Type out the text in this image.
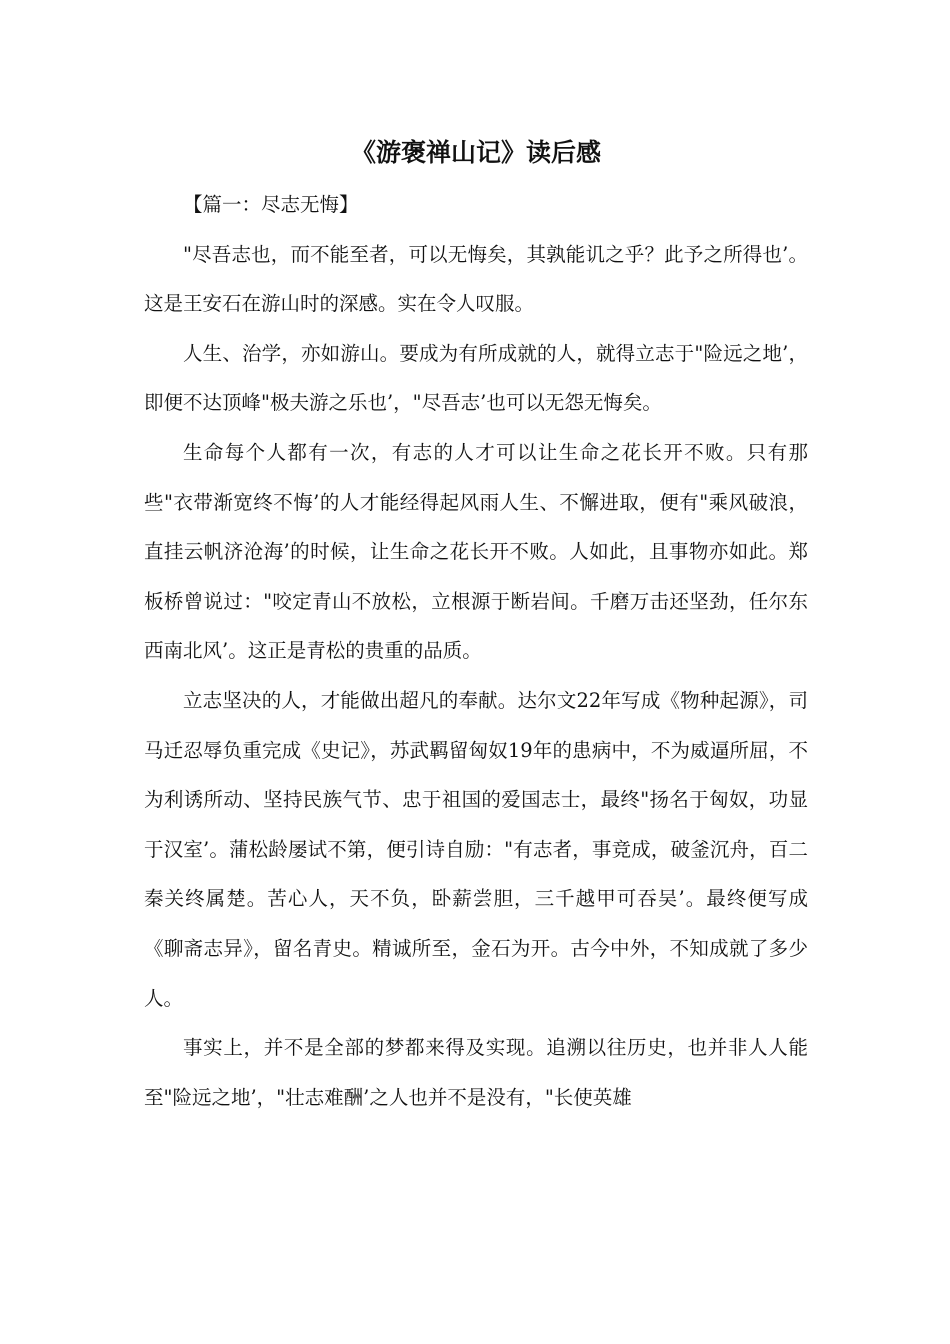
《游褒禅山记》读后感

【篇一：尽志无悔】

"尽吾志也，而不能至者，可以无悔矣，其孰能讥之乎？此予之所得也’。这是王安石在游山时的深感。实在令人叹服。

人生、治学，亦如游山。要成为有所成就的人，就得立志于"险远之地’，即便不达顶峰"极夫游之乐也’，"尽吾志’也可以无怨无悔矣。

生命每个人都有一次，有志的人才可以让生命之花长开不败。只有那些"衣带渐宽终不悔’的人才能经得起风雨人生、不懈进取，便有"乘风破浪，直挂云帆济沧海’的时候，让生命之花长开不败。人如此，且事物亦如此。郑板桥曾说过："咬定青山不放松，立根源于断岩间。千磨万击还坚劲，任尔东西南北风’。这正是青松的贵重的品质。

立志坚决的人，才能做出超凡的奉献。达尔文22年写成《物种起源》，司马迁忍辱负重完成《史记》，苏武羁留匈奴19年的患病中，不为威逼所屈，不为利诱所动、坚持民族气节、忠于祖国的爱国志士，最终"扬名于匈奴，功显于汉室’。蒲松龄屡试不第，便引诗自励："有志者，事竞成，破釜沉舟，百二秦关终属楚。苦心人，天不负，卧薪尝胆，三千越甲可吞吴’。最终便写成《聊斋志异》，留名青史。精诚所至，金石为开。古今中外，不知成就了多少人。

事实上，并不是全部的梦都来得及实现。追溯以往历史，也并非人人能至"险远之地’，"壮志难酬’之人也并不是没有，"长使英雄
